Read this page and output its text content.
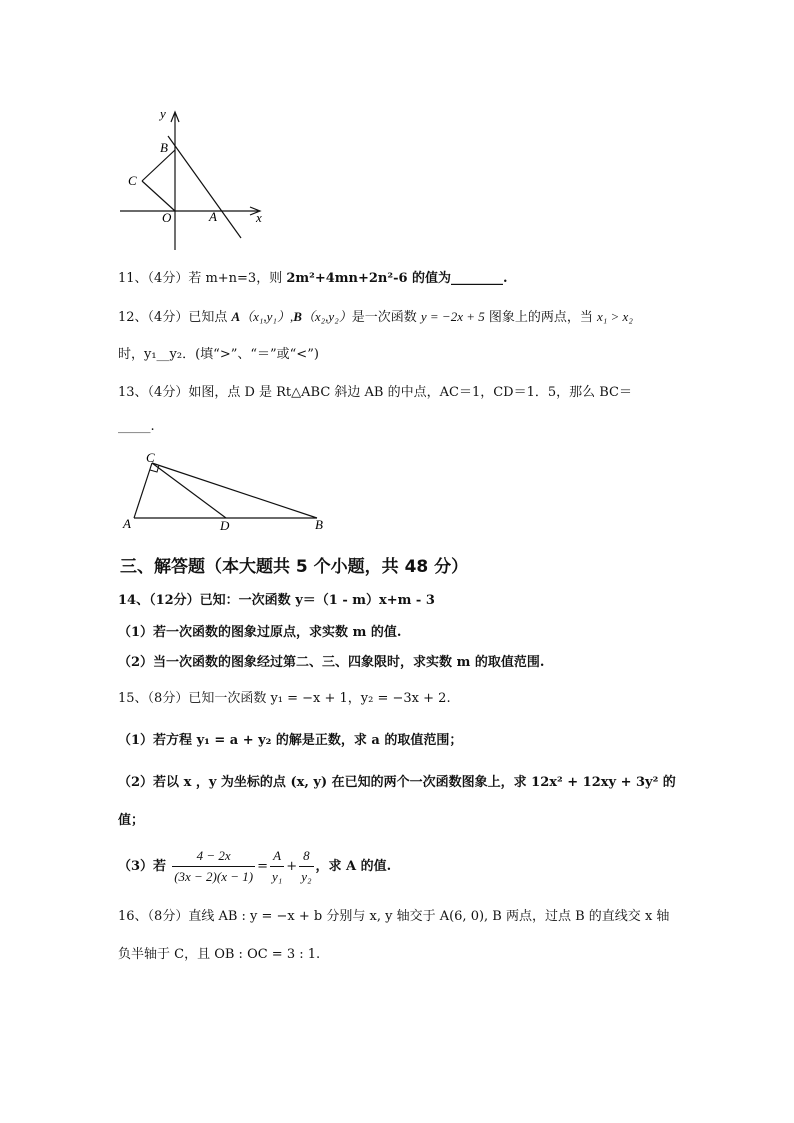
y
x
B
C
O	A
11、（4分）若 m+n=3，则 2m²+4mn+2n²-6 的值为________.
12、（4分）已知点 A（x₁,y₁）,B（x₂,y₂）是一次函数 y = −2x + 5 图象上的两点，当 x₁ > x₂
时，y₁__y₂．(填“>”、“＝”或“<”)
13、（4分）如图，点 D 是 Rt△ABC 斜边 AB 的中点，AC＝1，CD＝1．5，那么 BC＝
_____.
C
A	D	B
三、解答题（本大题共 5 个小题，共 48 分）
14、（12分）已知：一次函数 y＝（1 - m）x+m - 3
（1）若一次函数的图象过原点，求实数 m 的值.
（2）当一次函数的图象经过第二、三、四象限时，求实数 m 的取值范围.
15、（8分）已知一次函数 y₁ = −x + 1，y₂ = −3x + 2.
（1）若方程 y₁ = a + y₂ 的解是正数，求 a 的取值范围；
（2）若以 x ，y 为坐标的点 (x, y) 在已知的两个一次函数图象上，求 12x² + 12xy + 3y² 的
值；
（3）若 $\frac{4 - 2x}{(3x - 2)(x - 1)} = \frac{A}{\text{y₁}} + \frac{8}{\text{y₂}}$ ，求 A 的值.
16、（8分）直线 AB : y = −x + b 分别与 x, y 轴交于 A(6, 0), B 两点，过点 B 的直线交 x 轴
负半轴于 C，且 OB : OC = 3 : 1.
